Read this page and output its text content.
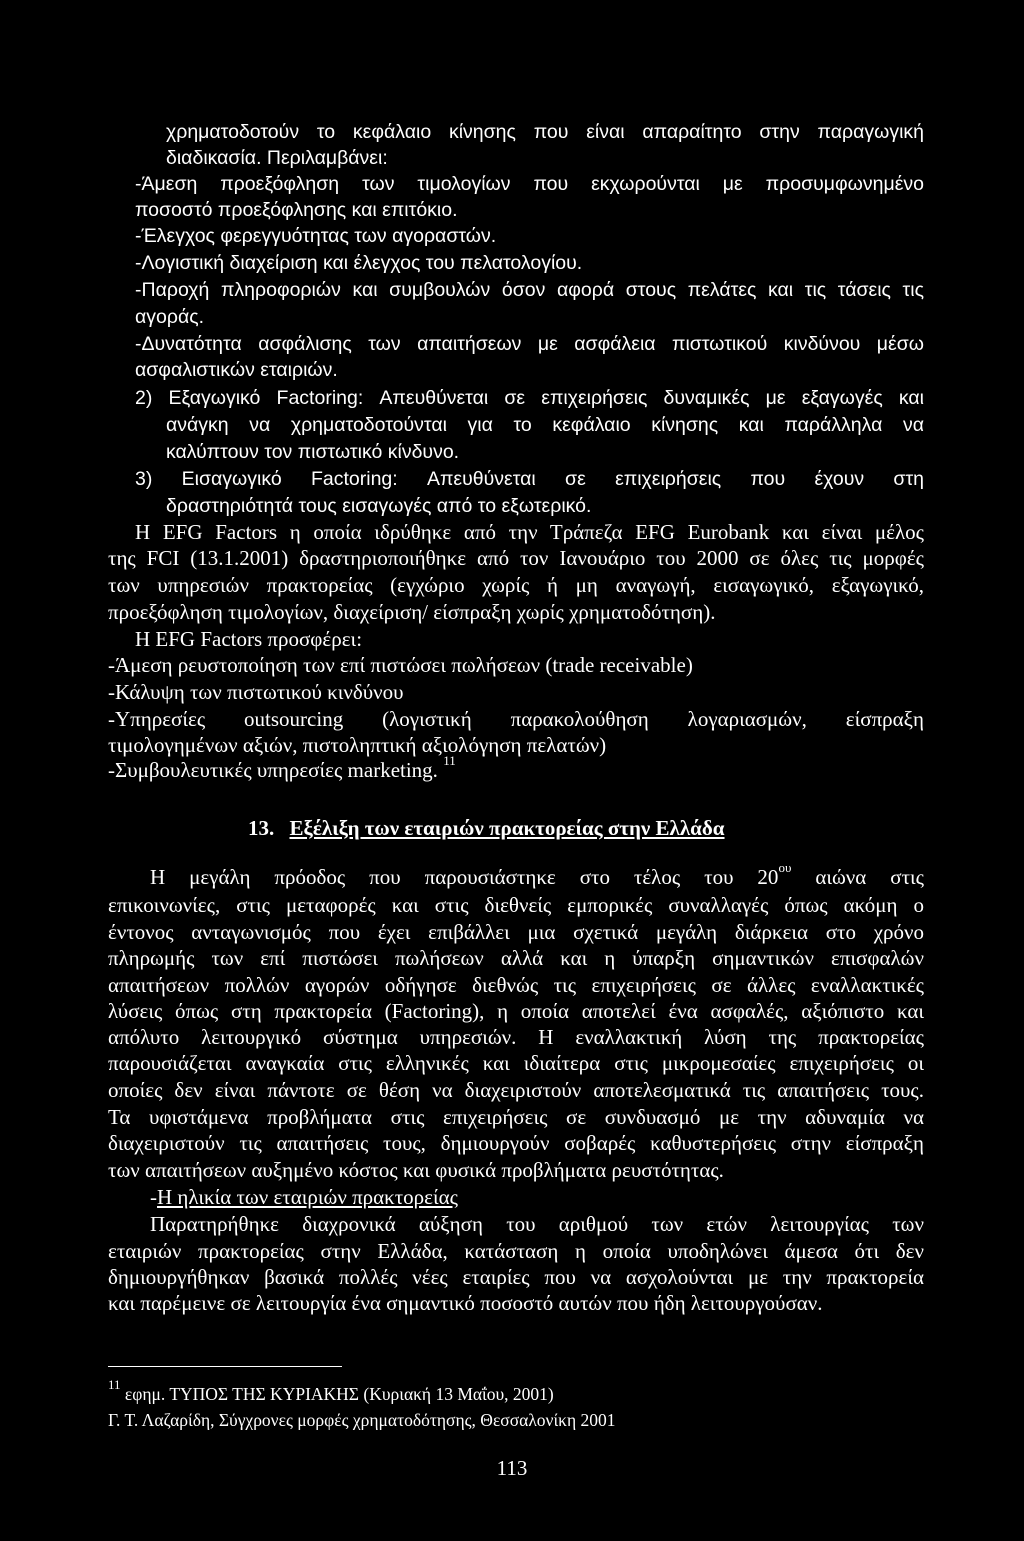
χρηματοδοτούν το κεφάλαιο κίνησης που είναι απαραίτητο στην παραγωγική
διαδικασία. Περιλαμβάνει:
-Άμεση προεξόφληση των τιμολογίων που εκχωρούνται με προσυμφωνημένο
ποσοστό προεξόφλησης και επιτόκιο.
-Έλεγχος φερεγγυότητας των αγοραστών.
-Λογιστική διαχείριση και έλεγχος του πελατολογίου.
-Παροχή πληροφοριών και συμβουλών όσον αφορά στους πελάτες και τις τάσεις τις
αγοράς.
-Δυνατότητα ασφάλισης των απαιτήσεων με ασφάλεια πιστωτικού κινδύνου μέσω
ασφαλιστικών εταιριών.
2) Εξαγωγικό Factoring: Απευθύνεται σε επιχειρήσεις δυναμικές με εξαγωγές και
ανάγκη να χρηματοδοτούνται για το κεφάλαιο κίνησης και παράλληλα να
καλύπτουν τον πιστωτικό κίνδυνο.
3) Εισαγωγικό Factoring: Απευθύνεται σε επιχειρήσεις που έχουν στη
δραστηριότητά τους εισαγωγές από το εξωτερικό.
Η EFG Factors η οποία ιδρύθηκε από την Τράπεζα EFG Eurobank και είναι μέλος
της FCI (13.1.2001) δραστηριοποιήθηκε από τον Ιανουάριο του 2000 σε όλες τις μορφές
των υπηρεσιών πρακτορείας (εγχώριο χωρίς ή μη αναγωγή, εισαγωγικό, εξαγωγικό,
προεξόφληση τιμολογίων, διαχείριση/ είσπραξη χωρίς χρηματοδότηση).
Η EFG Factors προσφέρει:
-Άμεση ρευστοποίηση των επί πιστώσει πωλήσεων (trade receivable)
-Κάλυψη των πιστωτικού κινδύνου
-Υπηρεσίες outsourcing (λογιστική παρακολούθηση λογαριασμών, είσπραξη
τιμολογημένων αξιών, πιστοληπτική αξιολόγηση πελατών)
-Συμβουλευτικές υπηρεσίες marketing. $^{11}$
13. Εξέλιξη των εταιριών πρακτορείας στην Ελλάδα
Η μεγάλη πρόοδος που παρουσιάστηκε στο τέλος του $20^{o\upsilon}$ αιώνα στις
επικοινωνίες, στις μεταφορές και στις διεθνείς εμπορικές συναλλαγές όπως ακόμη ο
έντονος ανταγωνισμός που έχει επιβάλλει μια σχετικά μεγάλη διάρκεια στο χρόνο
πληρωμής των επί πιστώσει πωλήσεων αλλά και η ύπαρξη σημαντικών επισφαλών
απαιτήσεων πολλών αγορών οδήγησε διεθνώς τις επιχειρήσεις σε άλλες εναλλακτικές
λύσεις όπως στη πρακτορεία (Factoring), η οποία αποτελεί ένα ασφαλές, αξιόπιστο και
απόλυτο λειτουργικό σύστημα υπηρεσιών. Η εναλλακτική λύση της πρακτορείας
παρουσιάζεται αναγκαία στις ελληνικές και ιδιαίτερα στις μικρομεσαίες επιχειρήσεις οι
οποίες δεν είναι πάντοτε σε θέση να διαχειριστούν αποτελεσματικά τις απαιτήσεις τους.
Τα υφιστάμενα προβλήματα στις επιχειρήσεις σε συνδυασμό με την αδυναμία να
διαχειριστούν τις απαιτήσεις τους, δημιουργούν σοβαρές καθυστερήσεις στην είσπραξη
των απαιτήσεων αυξημένο κόστος και φυσικά προβλήματα ρευστότητας.
-Η ηλικία των εταιριών πρακτορείας
Παρατηρήθηκε διαχρονικά αύξηση του αριθμού των ετών λειτουργίας των
εταιριών πρακτορείας στην Ελλάδα, κατάσταση η οποία υποδηλώνει άμεσα ότι δεν
δημιουργήθηκαν βασικά πολλές νέες εταιρίες που να ασχολούνται με την πρακτορεία
και παρέμεινε σε λειτουργία ένα σημαντικό ποσοστό αυτών που ήδη λειτουργούσαν.
$^{11}$ εφημ. ΤΥΠΟΣ ΤΗΣ ΚΥΡΙΑΚΗΣ (Κυριακή 13 Μαΐου, 2001)
Γ. Τ. Λαζαρίδη, Σύγχρονες μορφές χρηματοδότησης, Θεσσαλονίκη 2001
113
